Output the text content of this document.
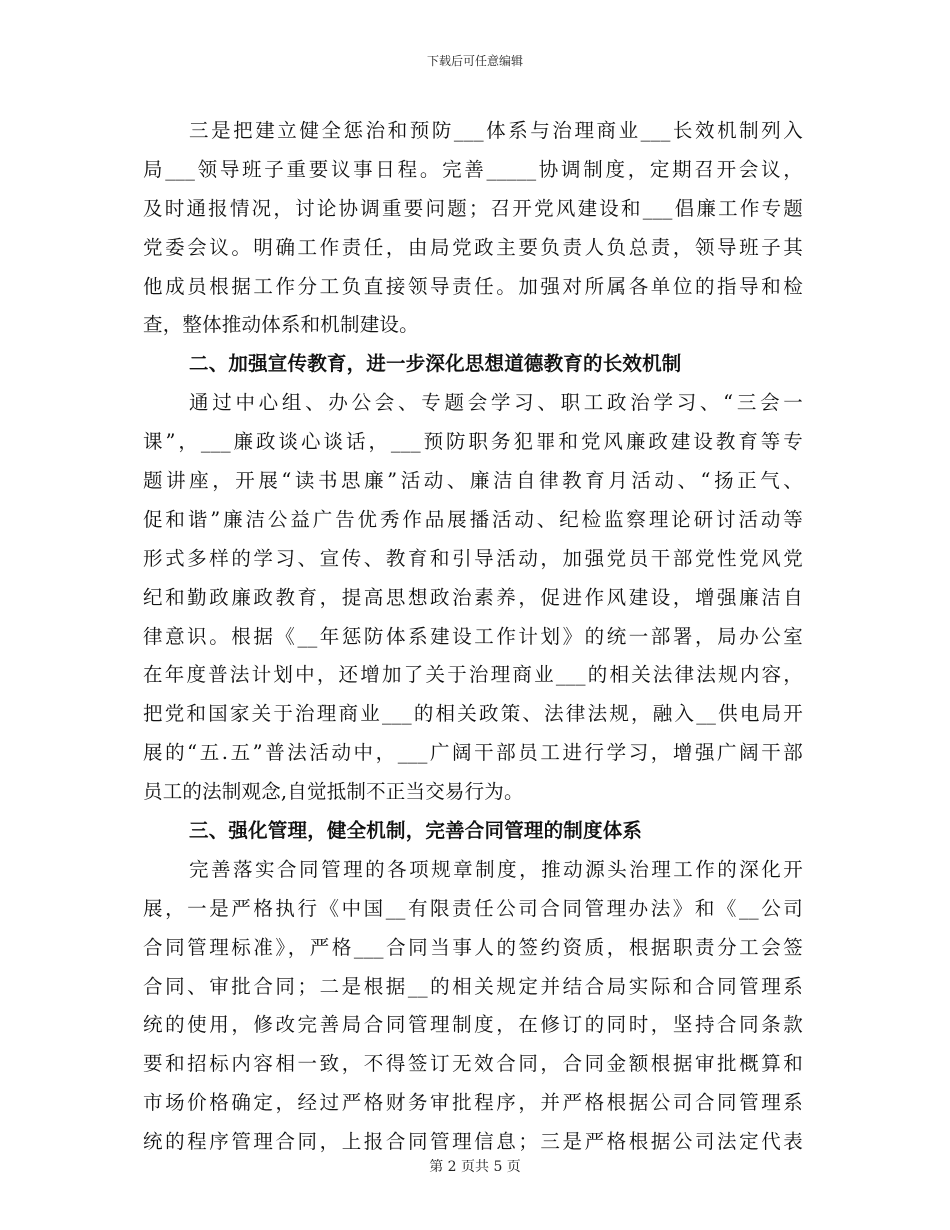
下载后可任意编辑
三是把建立健全惩治和预防___体系与治理商业___长效机制列入
局___领导班子重要议事日程。完善_____协调制度，定期召开会议，
及时通报情况，讨论协调重要问题；召开党风建设和___倡廉工作专题
党委会议。明确工作责任，由局党政主要负责人负总责，领导班子其
他成员根据工作分工负直接领导责任。加强对所属各单位的指导和检
查，整体推动体系和机制建设。
二、加强宣传教育，进一步深化思想道德教育的长效机制
通过中心组、办公会、专题会学习、职工政治学习、“三会一
课”，___廉政谈心谈话，___预防职务犯罪和党风廉政建设教育等专
题讲座，开展“读书思廉”活动、廉洁自律教育月活动、“扬正气、
促和谐”廉洁公益广告优秀作品展播活动、纪检监察理论研讨活动等
形式多样的学习、宣传、教育和引导活动，加强党员干部党性党风党
纪和勤政廉政教育，提高思想政治素养，促进作风建设，增强廉洁自
律意识。根据《__年惩防体系建设工作计划》的统一部署，局办公室
在年度普法计划中，还增加了关于治理商业___的相关法律法规内容，
把党和国家关于治理商业___的相关政策、法律法规，融入__供电局开
展的“五.五”普法活动中，___广阔干部员工进行学习，增强广阔干部
员工的法制观念,自觉抵制不正当交易行为。
三、强化管理，健全机制，完善合同管理的制度体系
完善落实合同管理的各项规章制度，推动源头治理工作的深化开
展，一是严格执行《中国__有限责任公司合同管理办法》和《__公司
合同管理标准》，严格___合同当事人的签约资质，根据职责分工会签
合同、审批合同；二是根据__的相关规定并结合局实际和合同管理系
统的使用，修改完善局合同管理制度，在修订的同时，坚持合同条款
要和招标内容相一致，不得签订无效合同，合同金额根据审批概算和
市场价格确定，经过严格财务审批程序，并严格根据公司合同管理系
统的程序管理合同，上报合同管理信息；三是严格根据公司法定代表
第 2 页共 5 页
